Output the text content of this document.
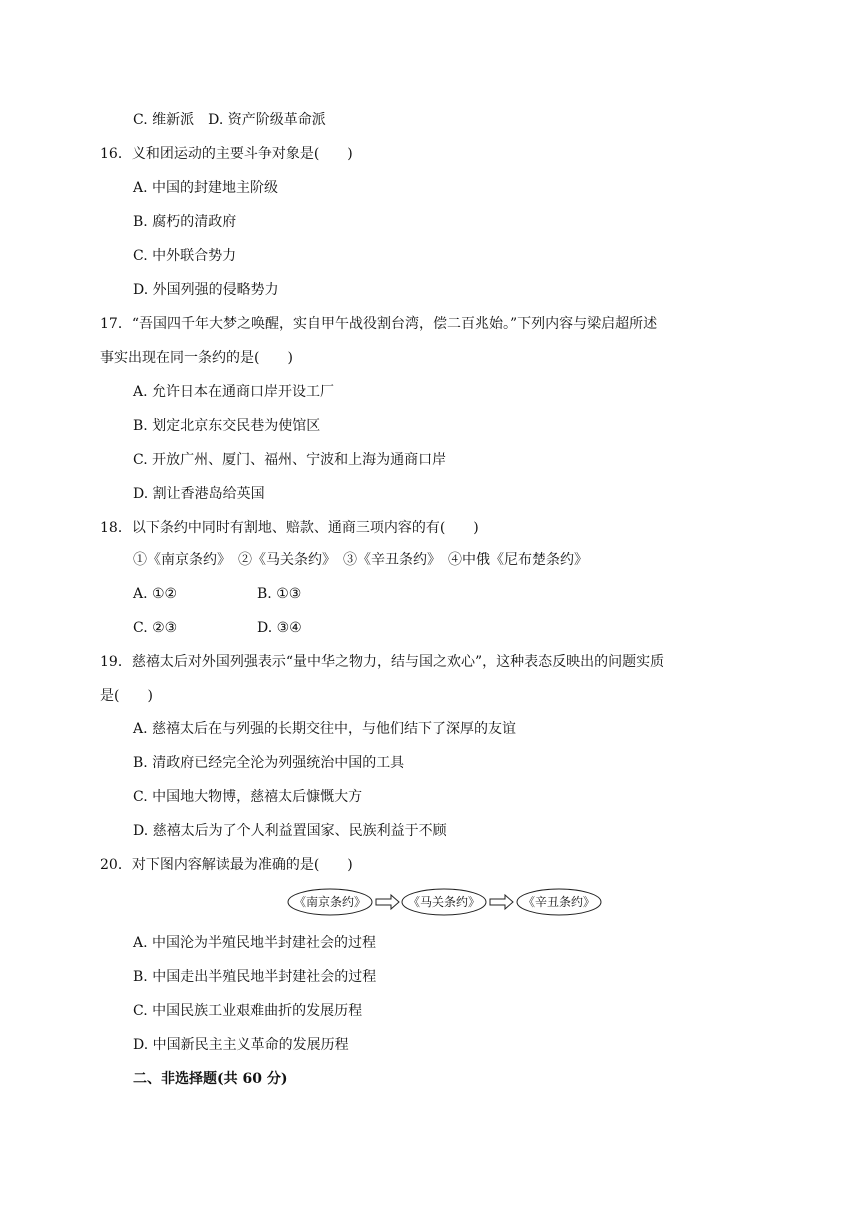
C. 维新派　 D. 资产阶级革命派
16．义和团运动的主要斗争对象是(　　)
A. 中国的封建地主阶级
B. 腐朽的清政府
C. 中外联合势力
D. 外国列强的侵略势力
17．“吾国四千年大梦之唤醒，实自甲午战役割台湾，偿二百兆始。”下列内容与梁启超所述
事实出现在同一条约的是(　　)
A. 允许日本在通商口岸开设工厂
B. 划定北京东交民巷为使馆区
C. 开放广州、厦门、福州、宁波和上海为通商口岸
D. 割让香港岛给英国
18．以下条约中同时有割地、赔款、通商三项内容的有(　　)
①《南京条约》　②《马关条约》　③《辛丑条约》　④中俄《尼布楚条约》
A. ①②	B. ①③
C. ②③	D. ③④
19．慈禧太后对外国列强表示“量中华之物力，结与国之欢心”，这种表态反映出的问题实质
是(　　)
A. 慈禧太后在与列强的长期交往中，与他们结下了深厚的友谊
B. 清政府已经完全沦为列强统治中国的工具
C. 中国地大物博，慈禧太后慷慨大方
D. 慈禧太后为了个人利益置国家、民族利益于不顾
20．对下图内容解读最为准确的是(　　)
《南京条约》	《马关条约》	《辛丑条约》
A. 中国沦为半殖民地半封建社会的过程
B. 中国走出半殖民地半封建社会的过程
C. 中国民族工业艰难曲折的发展历程
D. 中国新民主主义革命的发展历程
二、非选择题(共 60 分)
